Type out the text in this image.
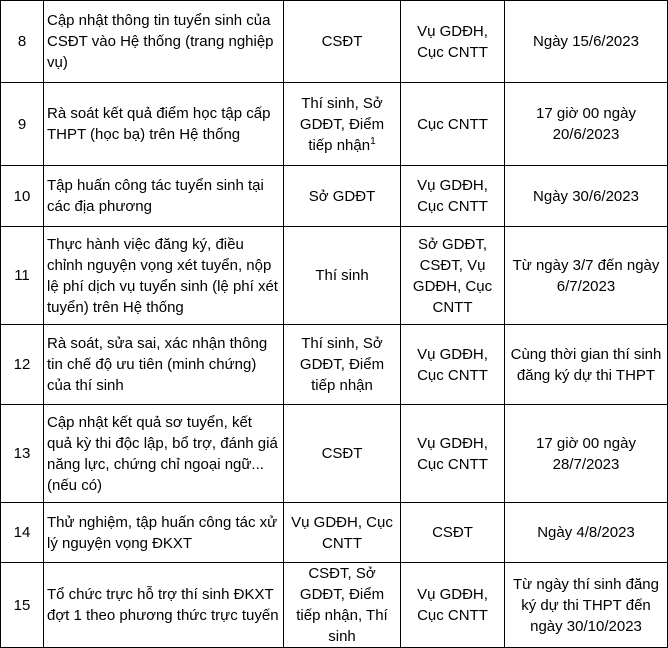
8	Cập nhật thông tin tuyển sinh của CSĐT vào Hệ thống (trang nghiệp vụ)	CSĐT	Vụ GDĐH, Cục CNTT	Ngày 15/6/2023
9	Rà soát kết quả điểm học tập cấp THPT (học bạ) trên Hệ thống	Thí sinh, Sở GDĐT, Điểm tiếp nhận$^1$	Cục CNTT	17 giờ 00 ngày 20/6/2023
10	Tập huấn công tác tuyển sinh tại các địa phương	Sở GDĐT	Vụ GDĐH, Cục CNTT	Ngày 30/6/2023
11	Thực hành việc đăng ký, điều chỉnh nguyện vọng xét tuyển, nộp lệ phí dịch vụ tuyển sinh (lệ phí xét tuyển) trên Hệ thống	Thí sinh	Sở GDĐT, CSĐT, Vụ GDĐH, Cục CNTT	Từ ngày 3/7 đến ngày 6/7/2023
12	Rà soát, sửa sai, xác nhận thông tin chế độ ưu tiên (minh chứng) của thí sinh	Thí sinh, Sở GDĐT, Điểm tiếp nhận	Vụ GDĐH, Cục CNTT	Cùng thời gian thí sinh đăng ký dự thi THPT
13	Cập nhật kết quả sơ tuyển, kết quả kỳ thi độc lập, bổ trợ, đánh giá năng lực, chứng chỉ ngoại ngữ... (nếu có)	CSĐT	Vụ GDĐH, Cục CNTT	17 giờ 00 ngày 28/7/2023
14	Thử nghiệm, tập huấn công tác xử lý nguyện vọng ĐKXT	Vụ GDĐH, Cục CNTT	CSĐT	Ngày 4/8/2023
15	Tổ chức trực hỗ trợ thí sinh ĐKXT đợt 1 theo phương thức trực tuyến	CSĐT, Sở GDĐT, Điểm tiếp nhận, Thí sinh	Vụ GDĐH, Cục CNTT	Từ ngày thí sinh đăng ký dự thi THPT đến ngày 30/10/2023
